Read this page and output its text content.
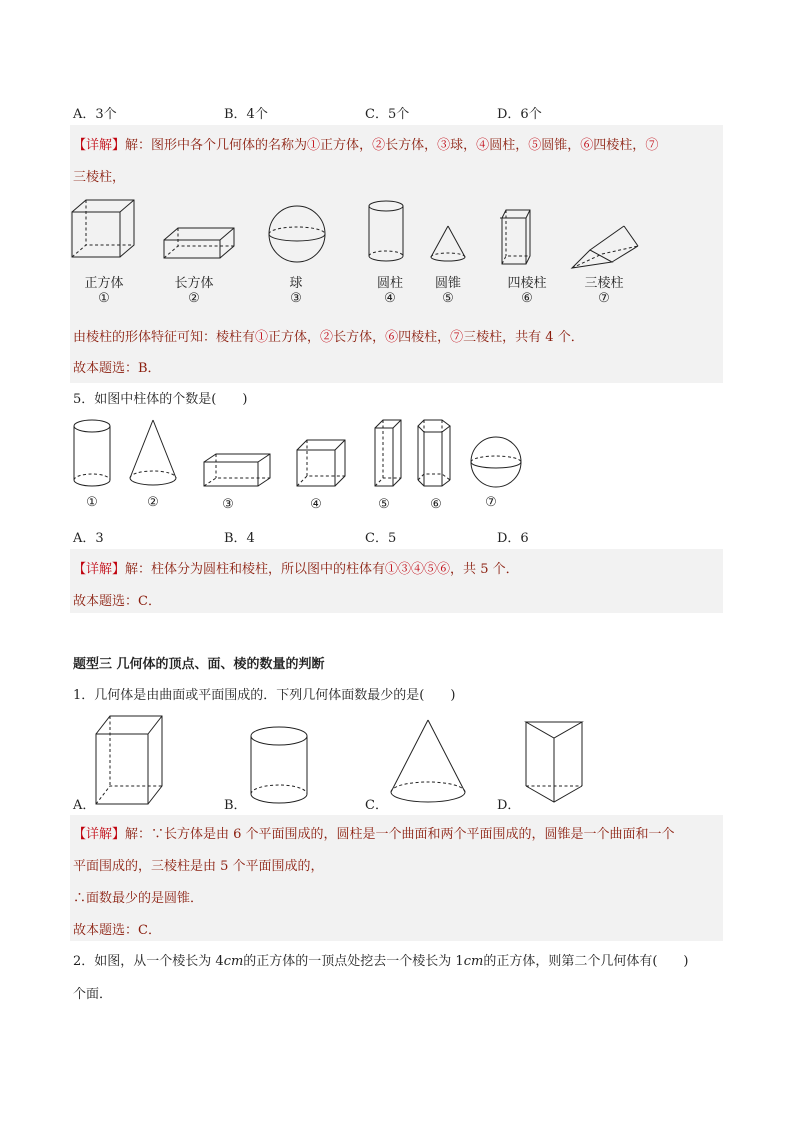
A．3个	B．4个	C．5个	D．6个
【详解】解：图形中各个几何体的名称为①正方体，②长方体，③球，④圆柱，⑤圆锥，⑥四棱柱，⑦
三棱柱，
正方体
①
长方体
②
球
③
圆柱
④
圆锥
⑤
四棱柱
⑥
三棱柱
⑦
由棱柱的形体特征可知：棱柱有①正方体，②长方体，⑥四棱柱，⑦三棱柱，共有 4 个．
故本题选：B．
5．如图中柱体的个数是(　　)
①	②	③	④	⑤	⑥	⑦
A．3	B．4	C．5	D．6
【详解】解：柱体分为圆柱和棱柱，所以图中的柱体有①③④⑤⑥，共 5 个．
故本题选：C．
题型三 几何体的顶点、面、棱的数量的判断
1．几何体是由曲面或平面围成的．下列几何体面数最少的是(　　)
A．	B．	C．	D．
【详解】解：∵长方体是由 6 个平面围成的，圆柱是一个曲面和两个平面围成的，圆锥是一个曲面和一个
平面围成的，三棱柱是由 5 个平面围成的，
∴面数最少的是圆锥．
故本题选：C．
2．如图，从一个棱长为 4cm的正方体的一顶点处挖去一个棱长为 1cm的正方体，则第二个几何体有(　　)
个面．
